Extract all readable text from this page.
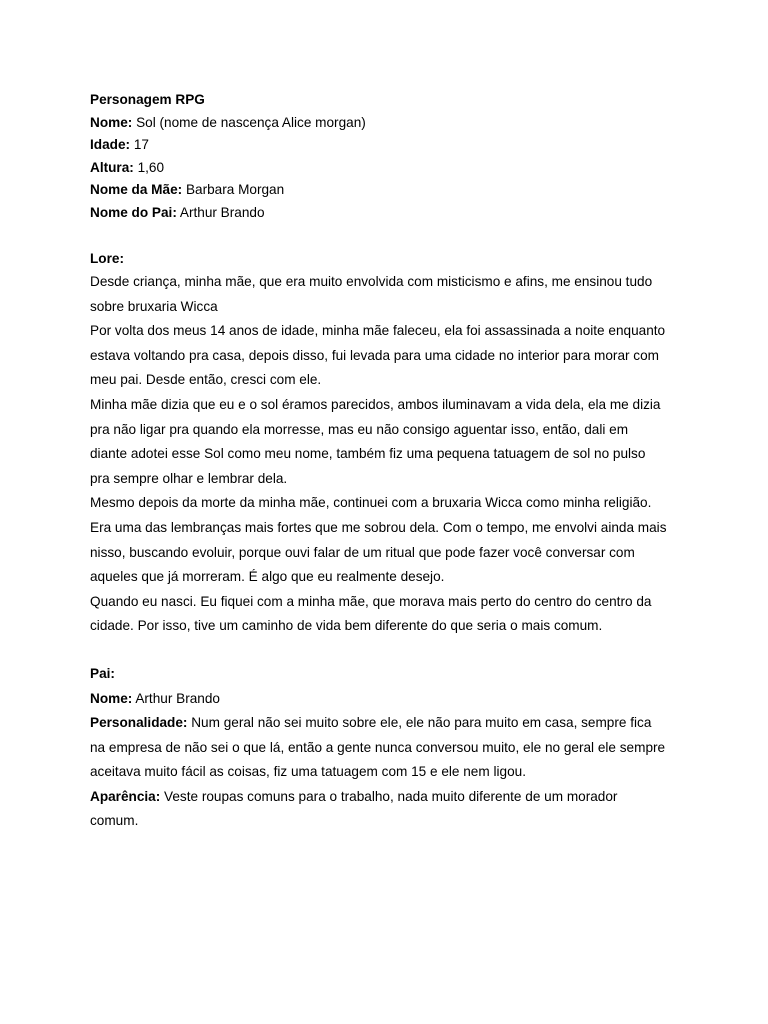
Personagem RPG
Nome: Sol (nome de nascença Alice morgan)
Idade: 17
Altura: 1,60
Nome da Mãe: Barbara Morgan
Nome do Pai: Arthur Brando
Lore:

Desde criança, minha mãe, que era muito envolvida com misticismo e afins, me ensinou tudo

sobre bruxaria Wicca

Por volta dos meus 14 anos de idade, minha mãe faleceu, ela foi assassinada a noite enquanto

estava voltando pra casa, depois disso, fui levada para uma cidade no interior para morar com

meu pai. Desde então, cresci com ele.

Minha mãe dizia que eu e o sol éramos parecidos, ambos iluminavam a vida dela, ela me dizia

pra não ligar pra quando ela morresse, mas eu não consigo aguentar isso, então, dali em

diante adotei esse Sol como meu nome, também fiz uma pequena tatuagem de sol no pulso

pra sempre olhar e lembrar dela.

Mesmo depois da morte da minha mãe, continuei com a bruxaria Wicca como minha religião.

Era uma das lembranças mais fortes que me sobrou dela. Com o tempo, me envolvi ainda mais

nisso, buscando evoluir, porque ouvi falar de um ritual que pode fazer você conversar com

aqueles que já morreram. É algo que eu realmente desejo.

Quando eu nasci. Eu fiquei com a minha mãe, que morava mais perto do centro do centro da

cidade. Por isso, tive um caminho de vida bem diferente do que seria o mais comum.

Pai:

Nome: Arthur Brando

Personalidade: Num geral não sei muito sobre ele, ele não para muito em casa, sempre fica

na empresa de não sei o que lá, então a gente nunca conversou muito, ele no geral ele sempre

aceitava muito fácil as coisas, fiz uma tatuagem com 15 e ele nem ligou.

Aparência: Veste roupas comuns para o trabalho, nada muito diferente de um morador

comum.
